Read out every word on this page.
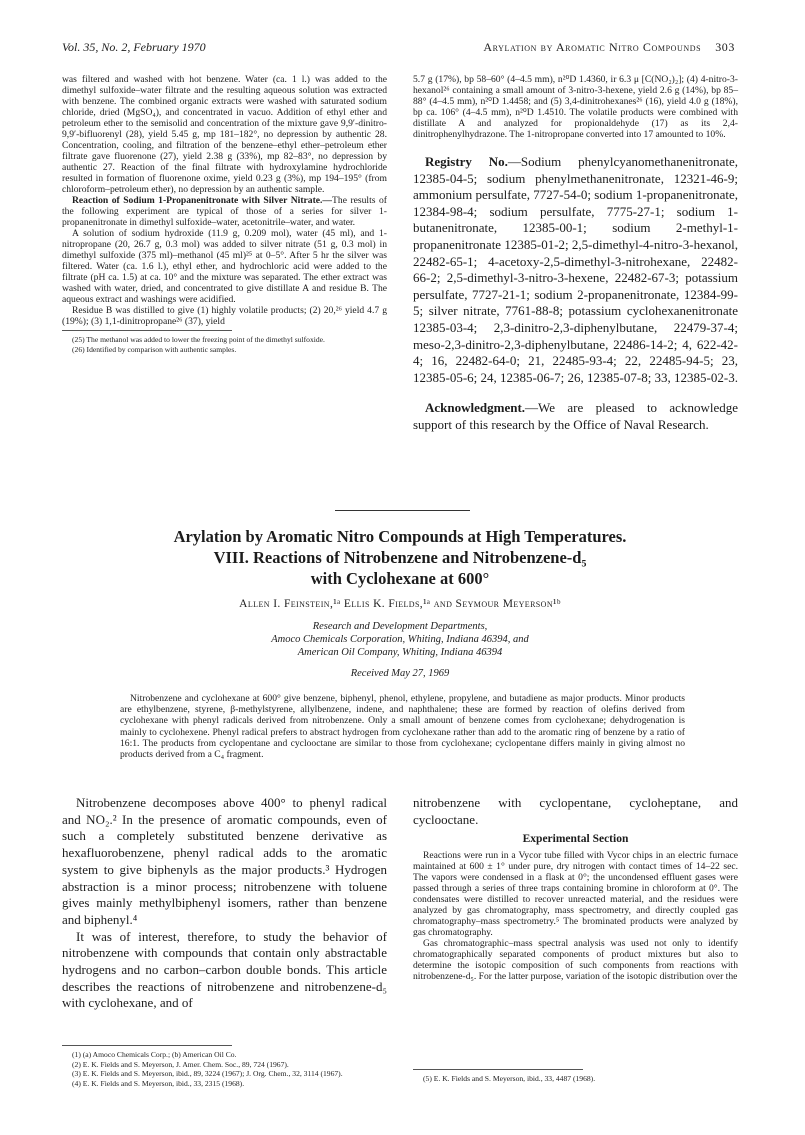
Vol. 35, No. 2, February 1970	Arylation by Aromatic Nitro Compounds 303

was filtered and washed with hot benzene. Water (ca. 1 l.) was added to the dimethyl sulfoxide–water filtrate and the resulting aqueous solution was extracted with benzene. The combined organic extracts were washed with saturated sodium chloride, dried (MgSO₄), and concentrated in vacuo. Addition of ethyl ether and petroleum ether to the semisolid and concentration of the mixture gave 9,9′-dinitro-9,9′-bifluorenyl (28), yield 5.45 g, mp 181–182°, no depression by authentic 28. Concentration, cooling, and filtration of the benzene–ethyl ether–petroleum ether filtrate gave fluorenone (27), yield 2.38 g (33%), mp 82–83°, no depression by authentic 27. Reaction of the final filtrate with hydroxylamine hydrochloride resulted in formation of fluorenone oxime, yield 0.23 g (3%), mp 194–195° (from chloroform–petroleum ether), no depression by an authentic sample.

Reaction of Sodium 1-Propanenitronate with Silver Nitrate.—The results of the following experiment are typical of those of a series for silver 1-propanenitronate in dimethyl sulfoxide–water, acetonitrile–water, and water.

A solution of sodium hydroxide (11.9 g, 0.209 mol), water (45 ml), and 1-nitropropane (20, 26.7 g, 0.3 mol) was added to silver nitrate (51 g, 0.3 mol) in dimethyl sulfoxide (375 ml)–methanol (45 ml)²⁵ at 0–5°. After 5 hr the silver was filtered. Water (ca. 1.6 l.), ethyl ether, and hydrochloric acid were added to the filtrate (pH ca. 1.5) at ca. 10° and the mixture was separated. The ether extract was washed with water, dried, and concentrated to give distillate A and residue B. The aqueous extract and washings were acidified.

Residue B was distilled to give (1) highly volatile products; (2) 20,²⁶ yield 4.7 g (19%); (3) 1,1-dinitropropane²⁶ (37), yield

(25) The methanol was added to lower the freezing point of the dimethyl sulfoxide.

(26) Identified by comparison with authentic samples.

5.7 g (17%), bp 58–60° (4–4.5 mm), n²⁰D 1.4360, ir 6.3 μ [C(NO₂)₂]; (4) 4-nitro-3-hexanol²⁶ containing a small amount of 3-nitro-3-hexene, yield 2.6 g (14%), bp 85–88° (4–4.5 mm), n²⁰D 1.4458; and (5) 3,4-dinitrohexanes²⁶ (16), yield 4.0 g (18%), bp ca. 106° (4–4.5 mm), n²⁰D 1.4510. The volatile products were combined with distillate A and analyzed for propionaldehyde (17) as its 2,4-dinitrophenylhydrazone. The 1-nitropropane converted into 17 amounted to 10%.

Registry No.—Sodium phenylcyanomethanenitronate, 12385-04-5; sodium phenylmethanenitronate, 12321-46-9; ammonium persulfate, 7727-54-0; sodium 1-propanenitronate, 12384-98-4; sodium persulfate, 7775-27-1; sodium 1-butanenitronate, 12385-00-1; sodium 2-methyl-1-propanenitronate 12385-01-2; 2,5-dimethyl-4-nitro-3-hexanol, 22482-65-1; 4-acetoxy-2,5-dimethyl-3-nitrohexane, 22482-66-2; 2,5-dimethyl-3-nitro-3-hexene, 22482-67-3; potassium persulfate, 7727-21-1; sodium 2-propanenitronate, 12384-99-5; silver nitrate, 7761-88-8; potassium cyclohexanenitronate 12385-03-4; 2,3-dinitro-2,3-diphenylbutane, 22479-37-4; meso-2,3-dinitro-2,3-diphenylbutane, 22486-14-2; 4, 622-42-4; 16, 22482-64-0; 21, 22485-93-4; 22, 22485-94-5; 23, 12385-05-6; 24, 12385-06-7; 26, 12385-07-8; 33, 12385-02-3.

Acknowledgment.—We are pleased to acknowledge support of this research by the Office of Naval Research.

Arylation by Aromatic Nitro Compounds at High Temperatures.
VIII. Reactions of Nitrobenzene and Nitrobenzene-d₅
with Cyclohexane at 600°
Allen I. Feinstein,¹ᵃ Ellis K. Fields,¹ᵃ and Seymour Meyerson¹ᵇ
Research and Development Departments,
Amoco Chemicals Corporation, Whiting, Indiana 46394, and
American Oil Company, Whiting, Indiana 46394
Received May 27, 1969

Nitrobenzene and cyclohexane at 600° give benzene, biphenyl, phenol, ethylene, propylene, and butadiene as major products. Minor products are ethylbenzene, styrene, β-methylstyrene, allylbenzene, indene, and naphthalene; these are formed by reaction of olefins derived from cyclohexane with phenyl radicals derived from nitrobenzene. Only a small amount of benzene comes from cyclohexane; dehydrogenation is mainly to cyclohexene. Phenyl radical prefers to abstract hydrogen from cyclohexane rather than add to the aromatic ring of benzene by a ratio of 16:1. The products from cyclopentane and cyclooctane are similar to those from cyclohexane; cyclopentane differs mainly in giving almost no products derived from a C₄ fragment.

Nitrobenzene decomposes above 400° to phenyl radical and NO₂.² In the presence of aromatic compounds, even of such a completely substituted benzene derivative as hexafluorobenzene, phenyl radical adds to the aromatic system to give biphenyls as the major products.³ Hydrogen abstraction is a minor process; nitrobenzene with toluene gives mainly methylbiphenyl isomers, rather than benzene and biphenyl.⁴

It was of interest, therefore, to study the behavior of nitrobenzene with compounds that contain only abstractable hydrogens and no carbon–carbon double bonds. This article describes the reactions of nitrobenzene and nitrobenzene-d₅ with cyclohexane, and of

(1) (a) Amoco Chemicals Corp.; (b) American Oil Co.

(2) E. K. Fields and S. Meyerson, J. Amer. Chem. Soc., 89, 724 (1967).

(3) E. K. Fields and S. Meyerson, ibid., 89, 3224 (1967); J. Org. Chem., 32, 3114 (1967).

(4) E. K. Fields and S. Meyerson, ibid., 33, 2315 (1968).

nitrobenzene with cyclopentane, cycloheptane, and cyclooctane.

Experimental Section

Reactions were run in a Vycor tube filled with Vycor chips in an electric furnace maintained at 600 ± 1° under pure, dry nitrogen with contact times of 14–22 sec. The vapors were condensed in a flask at 0°; the uncondensed effluent gases were passed through a series of three traps containing bromine in chloroform at 0°. The condensates were distilled to recover unreacted material, and the residues were analyzed by gas chromatography, mass spectrometry, and directly coupled gas chromatography–mass spectrometry.⁵ The brominated products were analyzed by gas chromatography.

Gas chromatographic–mass spectral analysis was used not only to identify chromatographically separated components of product mixtures but also to determine the isotopic composition of such components from reactions with nitrobenzene-d₅. For the latter purpose, variation of the isotopic distribution over the

(5) E. K. Fields and S. Meyerson, ibid., 33, 4487 (1968).
